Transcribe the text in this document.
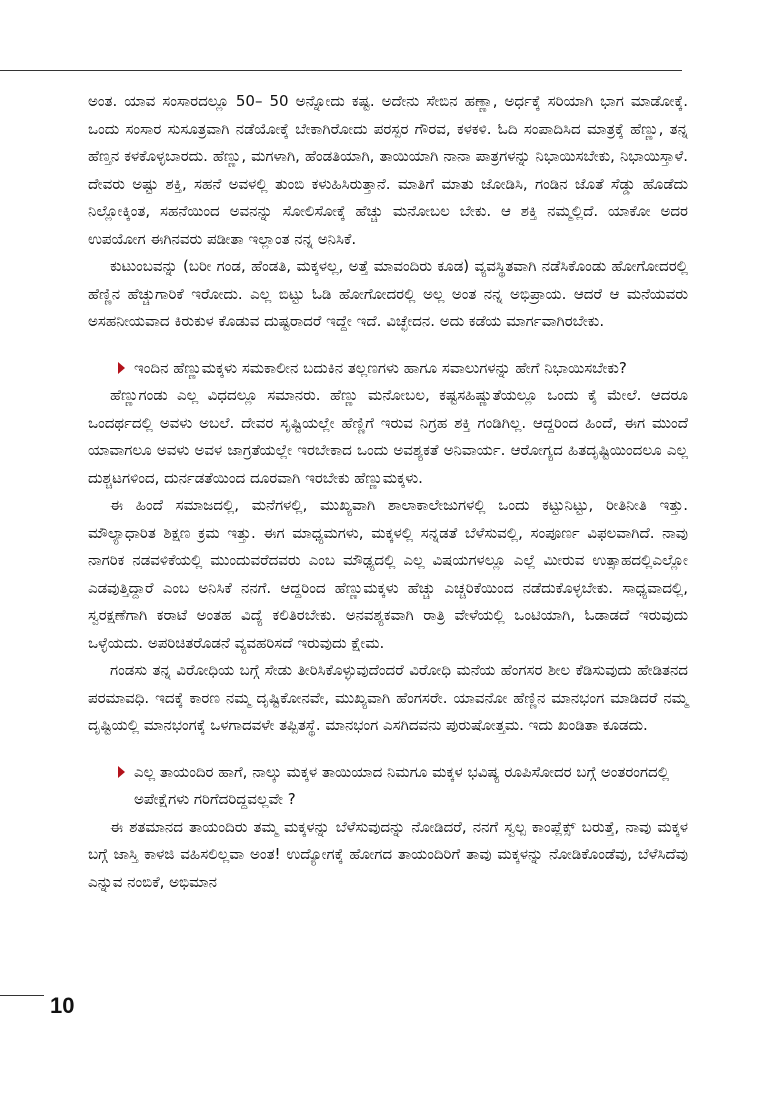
ಅಂತ. ಯಾವ ಸಂಸಾರದಲ್ಲೂ 50– 50 ಅನ್ನೋದು ಕಷ್ಟ. ಅದೇನು ಸೇಬಿನ ಹಣ್ಣಾ, ಅರ್ಧಕ್ಕೆ ಸರಿಯಾಗಿ ಭಾಗ ಮಾಡೋಕ್ಕೆ. ಒಂದು ಸಂಸಾರ ಸುಸೂತ್ರವಾಗಿ ನಡೆಯೋಕ್ಕೆ ಬೇಕಾಗಿರೋದು ಪರಸ್ಪರ ಗೌರವ, ಕಳಕಳಿ. ಓದಿ ಸಂಪಾದಿಸಿದ ಮಾತ್ರಕ್ಕೆ ಹೆಣ್ಣು, ತನ್ನ ಹೆಣ್ತನ ಕಳಕೊಳ್ಳಬಾರದು. ಹೆಣ್ಣು, ಮಗಳಾಗಿ, ಹೆಂಡತಿಯಾಗಿ, ತಾಯಿಯಾಗಿ ನಾನಾ ಪಾತ್ರಗಳನ್ನು ನಿಭಾಯಿಸಬೇಕು, ನಿಭಾಯಿಸ್ತಾಳೆ. ದೇವರು ಅಷ್ಟು ಶಕ್ತಿ, ಸಹನೆ ಅವಳಲ್ಲಿ ತುಂಬಿ ಕಳುಹಿಸಿರುತ್ತಾನೆ. ಮಾತಿಗೆ ಮಾತು ಜೋಡಿಸಿ, ಗಂಡಿನ ಜೊತೆ ಸೆಡ್ಡು ಹೊಡೆದು ನಿಲ್ಲೋಕ್ಕಿಂತ, ಸಹನೆಯಿಂದ ಅವನನ್ನು ಸೋಲಿಸೋಕ್ಕೆ ಹೆಚ್ಚು ಮನೋಬಲ ಬೇಕು. ಆ ಶಕ್ತಿ ನಮ್ಮಲ್ಲಿದೆ. ಯಾಕೋ ಅದರ ಉಪಯೋಗ ಈಗಿನವರು ಪಡೀತಾ ಇಲ್ಲಾಂತ ನನ್ನ ಅನಿಸಿಕೆ.

ಕುಟುಂಬವನ್ನು (ಬರೀ ಗಂಡ, ಹೆಂಡತಿ, ಮಕ್ಕಳಲ್ಲ, ಅತ್ತೆ ಮಾವಂದಿರು ಕೂಡ) ವ್ಯವಸ್ಥಿತವಾಗಿ ನಡೆಸಿಕೊಂಡು ಹೋಗೋದರಲ್ಲಿ ಹೆಣ್ಣಿನ ಹೆಚ್ಚುಗಾರಿಕೆ ಇರೋದು. ಎಲ್ಲ ಬಿಟ್ಟು ಓಡಿ ಹೋಗೋದರಲ್ಲಿ ಅಲ್ಲ ಅಂತ ನನ್ನ ಅಭಿಪ್ರಾಯ. ಆದರೆ ಆ ಮನೆಯವರು ಅಸಹನೀಯವಾದ ಕಿರುಕುಳ ಕೊಡುವ ದುಷ್ಟರಾದರೆ ಇದ್ದೇ ಇದೆ. ವಿಚ್ಛೇದನ. ಅದು ಕಡೆಯ ಮಾರ್ಗವಾಗಿರಬೇಕು.

ಇಂದಿನ ಹೆಣ್ಣುಮಕ್ಕಳು ಸಮಕಾಲೀನ ಬದುಕಿನ ತಲ್ಲಣಗಳು ಹಾಗೂ ಸವಾಲುಗಳನ್ನು ಹೇಗೆ ನಿಭಾಯಿಸಬೇಕು?

ಹೆಣ್ಣುಗಂಡು ಎಲ್ಲ ವಿಧದಲ್ಲೂ ಸಮಾನರು. ಹೆಣ್ಣು ಮನೋಬಲ, ಕಷ್ಟಸಹಿಷ್ಣುತೆಯಲ್ಲೂ ಒಂದು ಕೈ ಮೇಲೆ. ಆದರೂ ಒಂದರ್ಥದಲ್ಲಿ ಅವಳು ಅಬಲೆ. ದೇವರ ಸೃಷ್ಟಿಯಲ್ಲೇ ಹೆಣ್ಣಿಗೆ ಇರುವ ನಿಗ್ರಹ ಶಕ್ತಿ ಗಂಡಿಗಿಲ್ಲ. ಆದ್ದರಿಂದ ಹಿಂದೆ, ಈಗ ಮುಂದೆ ಯಾವಾಗಲೂ ಅವಳು ಅವಳ ಜಾಗ್ರತೆಯಲ್ಲೇ ಇರಬೇಕಾದ ಒಂದು ಅವಶ್ಯಕತೆ ಅನಿವಾರ್ಯ. ಆರೋಗ್ಯದ ಹಿತದೃಷ್ಟಿಯಿಂದಲೂ ಎಲ್ಲ ದುಶ್ಚಟಗಳಿಂದ, ದುರ್ನಡತೆಯಿಂದ ದೂರವಾಗಿ ಇರಬೇಕು ಹೆಣ್ಣುಮಕ್ಕಳು.

ಈ ಹಿಂದೆ ಸಮಾಜದಲ್ಲಿ, ಮನೆಗಳಲ್ಲಿ, ಮುಖ್ಯವಾಗಿ ಶಾಲಾಕಾಲೇಜುಗಳಲ್ಲಿ ಒಂದು ಕಟ್ಟುನಿಟ್ಟು, ರೀತಿನೀತಿ ಇತ್ತು. ಮೌಲ್ಯಾಧಾರಿತ ಶಿಕ್ಷಣ ಕ್ರಮ ಇತ್ತು. ಈಗ ಮಾಧ್ಯಮಗಳು, ಮಕ್ಕಳಲ್ಲಿ ಸನ್ನಡತೆ ಬೆಳೆಸುವಲ್ಲಿ, ಸಂಪೂರ್ಣ ವಿಫಲವಾಗಿದೆ. ನಾವು ನಾಗರಿಕ ನಡವಳಿಕೆಯಲ್ಲಿ ಮುಂದುವರೆದವರು ಎಂಬ ಮೌಢ್ಯದಲ್ಲಿ ಎಲ್ಲ ವಿಷಯಗಳಲ್ಲೂ ಎಲ್ಲೆ ಮೀರುವ ಉತ್ಸಾಹದಲ್ಲಿಎಲ್ಲೋ ಎಡವುತ್ತಿದ್ದಾರೆ ಎಂಬ ಅನಿಸಿಕೆ ನನಗೆ. ಆದ್ದರಿಂದ ಹೆಣ್ಣುಮಕ್ಕಳು ಹೆಚ್ಚು ಎಚ್ಚರಿಕೆಯಿಂದ ನಡೆದುಕೊಳ್ಳಬೇಕು. ಸಾಧ್ಯವಾದಲ್ಲಿ, ಸ್ವರಕ್ಷಣೆಗಾಗಿ ಕರಾಟೆ ಅಂತಹ ವಿದ್ಯೆ ಕಲಿತಿರಬೇಕು. ಅನವಶ್ಯಕವಾಗಿ ರಾತ್ರಿ ವೇಳೆಯಲ್ಲಿ ಒಂಟಿಯಾಗಿ, ಓಡಾಡದೆ ಇರುವುದು ಒಳ್ಳೆಯದು. ಅಪರಿಚಿತರೊಡನೆ ವ್ಯವಹರಿಸದೆ ಇರುವುದು ಕ್ಷೇಮ.

ಗಂಡಸು ತನ್ನ ವಿರೋಧಿಯ ಬಗ್ಗೆ ಸೇಡು ತೀರಿಸಿಕೊಳ್ಳುವುದೆಂದರೆ ವಿರೋಧಿ ಮನೆಯ ಹೆಂಗಸರ ಶೀಲ ಕೆಡಿಸುವುದು ಹೇಡಿತನದ ಪರಮಾವಧಿ. ಇದಕ್ಕೆ ಕಾರಣ ನಮ್ಮ ದೃಷ್ಟಿಕೋನವೇ, ಮುಖ್ಯವಾಗಿ ಹೆಂಗಸರೇ. ಯಾವನೋ ಹೆಣ್ಣಿನ ಮಾನಭಂಗ ಮಾಡಿದರೆ ನಮ್ಮ ದೃಷ್ಟಿಯಲ್ಲಿ ಮಾನಭಂಗಕ್ಕೆ ಒಳಗಾದವಳೇ ತಪ್ಪಿತಸ್ಥೆ. ಮಾನಭಂಗ ಎಸಗಿದವನು ಪುರುಷೋತ್ತಮ. ಇದು ಖಂಡಿತಾ ಕೂಡದು.

ಎಲ್ಲ ತಾಯಂದಿರ ಹಾಗೆ, ನಾಲ್ಕು ಮಕ್ಕಳ ತಾಯಿಯಾದ ನಿಮಗೂ ಮಕ್ಕಳ ಭವಿಷ್ಯ ರೂಪಿಸೋದರ ಬಗ್ಗೆ ಅಂತರಂಗದಲ್ಲಿ ಅಪೇಕ್ಷೆಗಳು ಗರಿಗೆದರಿದ್ದವಲ್ಲವೇ ?

ಈ ಶತಮಾನದ ತಾಯಂದಿರು ತಮ್ಮ ಮಕ್ಕಳನ್ನು ಬೆಳೆಸುವುದನ್ನು ನೋಡಿದರೆ, ನನಗೆ ಸ್ವಲ್ಪ ಕಾಂಪ್ಲೆಕ್ಸ್ ಬರುತ್ತೆ, ನಾವು ಮಕ್ಕಳ ಬಗ್ಗೆ ಜಾಸ್ತಿ ಕಾಳಜಿ ವಹಿಸಲಿಲ್ಲವಾ ಅಂತ! ಉದ್ಯೋಗಕ್ಕೆ ಹೋಗದ ತಾಯಂದಿರಿಗೆ ತಾವು ಮಕ್ಕಳನ್ನು ನೋಡಿಕೊಂಡೆವು, ಬೆಳೆಸಿದೆವು ಎನ್ನುವ ನಂಬಿಕೆ, ಅಭಿಮಾನ

10
